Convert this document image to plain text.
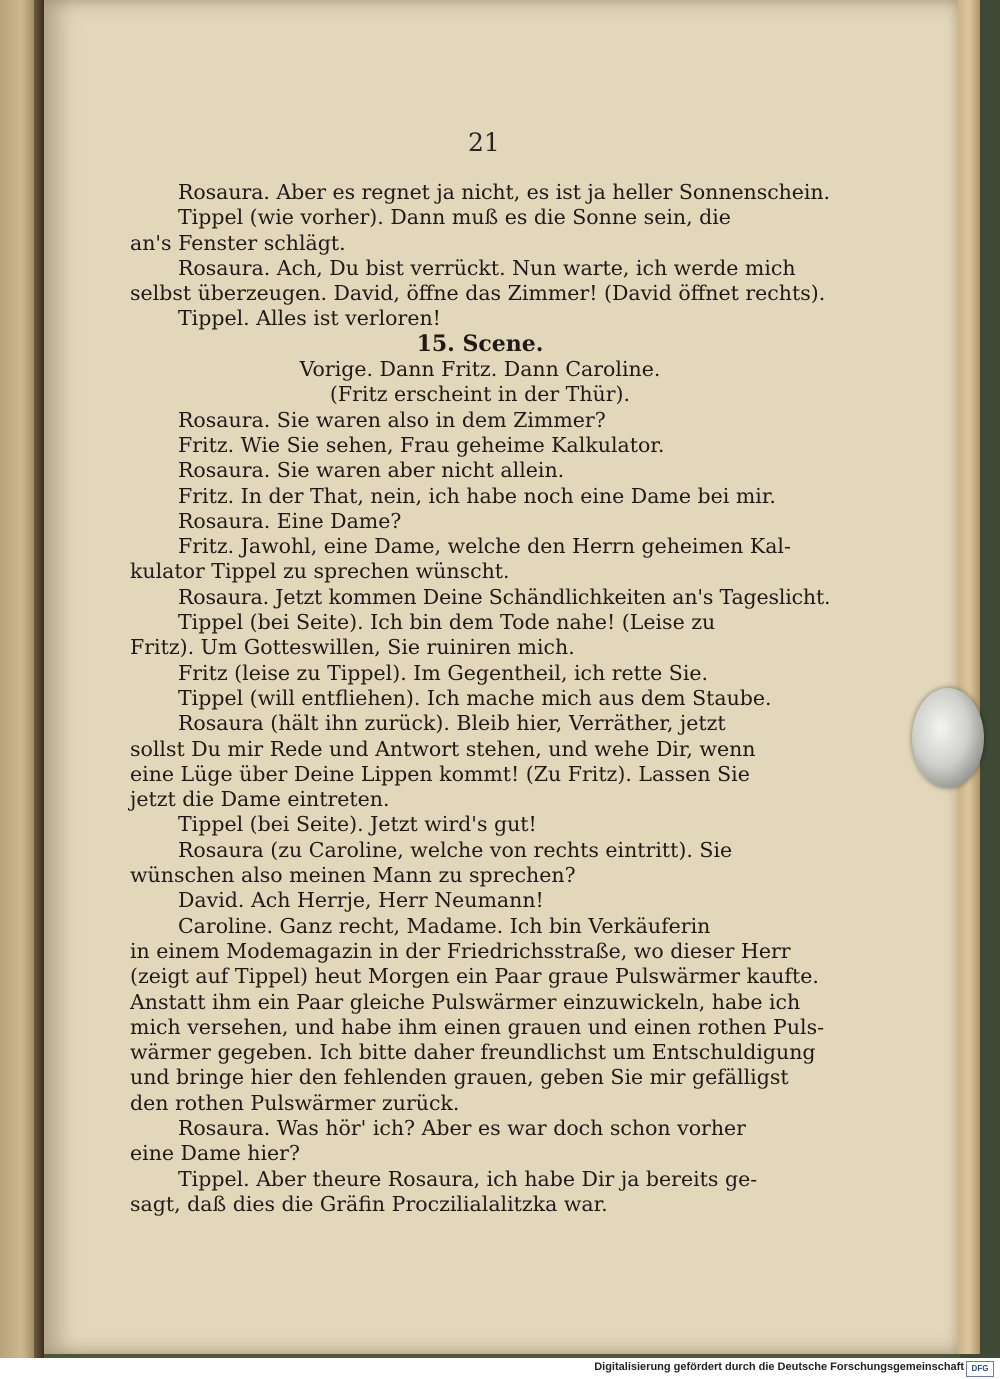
21
Rosaura. Aber es regnet ja nicht, es ist ja heller Sonnenschein.
Tippel (wie vorher). Dann muß es die Sonne sein, die
an's Fenster schlägt.
Rosaura. Ach, Du bist verrückt. Nun warte, ich werde mich
selbst überzeugen. David, öffne das Zimmer! (David öffnet rechts).
Tippel. Alles ist verloren!
15. Scene.
Vorige. Dann Fritz. Dann Caroline.
(Fritz erscheint in der Thür).
Rosaura. Sie waren also in dem Zimmer?
Fritz. Wie Sie sehen, Frau geheime Kalkulator.
Rosaura. Sie waren aber nicht allein.
Fritz. In der That, nein, ich habe noch eine Dame bei mir.
Rosaura. Eine Dame?
Fritz. Jawohl, eine Dame, welche den Herrn geheimen Kal-
kulator Tippel zu sprechen wünscht.
Rosaura. Jetzt kommen Deine Schändlichkeiten an's Tageslicht.
Tippel (bei Seite). Ich bin dem Tode nahe! (Leise zu
Fritz). Um Gotteswillen, Sie ruiniren mich.
Fritz (leise zu Tippel). Im Gegentheil, ich rette Sie.
Tippel (will entfliehen). Ich mache mich aus dem Staube.
Rosaura (hält ihn zurück). Bleib hier, Verräther, jetzt
sollst Du mir Rede und Antwort stehen, und wehe Dir, wenn
eine Lüge über Deine Lippen kommt! (Zu Fritz). Lassen Sie
jetzt die Dame eintreten.
Tippel (bei Seite). Jetzt wird's gut!
Rosaura (zu Caroline, welche von rechts eintritt). Sie
wünschen also meinen Mann zu sprechen?
David. Ach Herrje, Herr Neumann!
Caroline. Ganz recht, Madame. Ich bin Verkäuferin
in einem Modemagazin in der Friedrichsstraße, wo dieser Herr
(zeigt auf Tippel) heut Morgen ein Paar graue Pulswärmer kaufte.
Anstatt ihm ein Paar gleiche Pulswärmer einzuwickeln, habe ich
mich versehen, und habe ihm einen grauen und einen rothen Puls-
wärmer gegeben. Ich bitte daher freundlichst um Entschuldigung
und bringe hier den fehlenden grauen, geben Sie mir gefälligst
den rothen Pulswärmer zurück.
Rosaura. Was hör' ich? Aber es war doch schon vorher
eine Dame hier?
Tippel. Aber theure Rosaura, ich habe Dir ja bereits ge-
sagt, daß dies die Gräfin Proczilialalitzka war.
Digitalisierung gefördert durch die Deutsche Forschungsgemeinschaft DFG
